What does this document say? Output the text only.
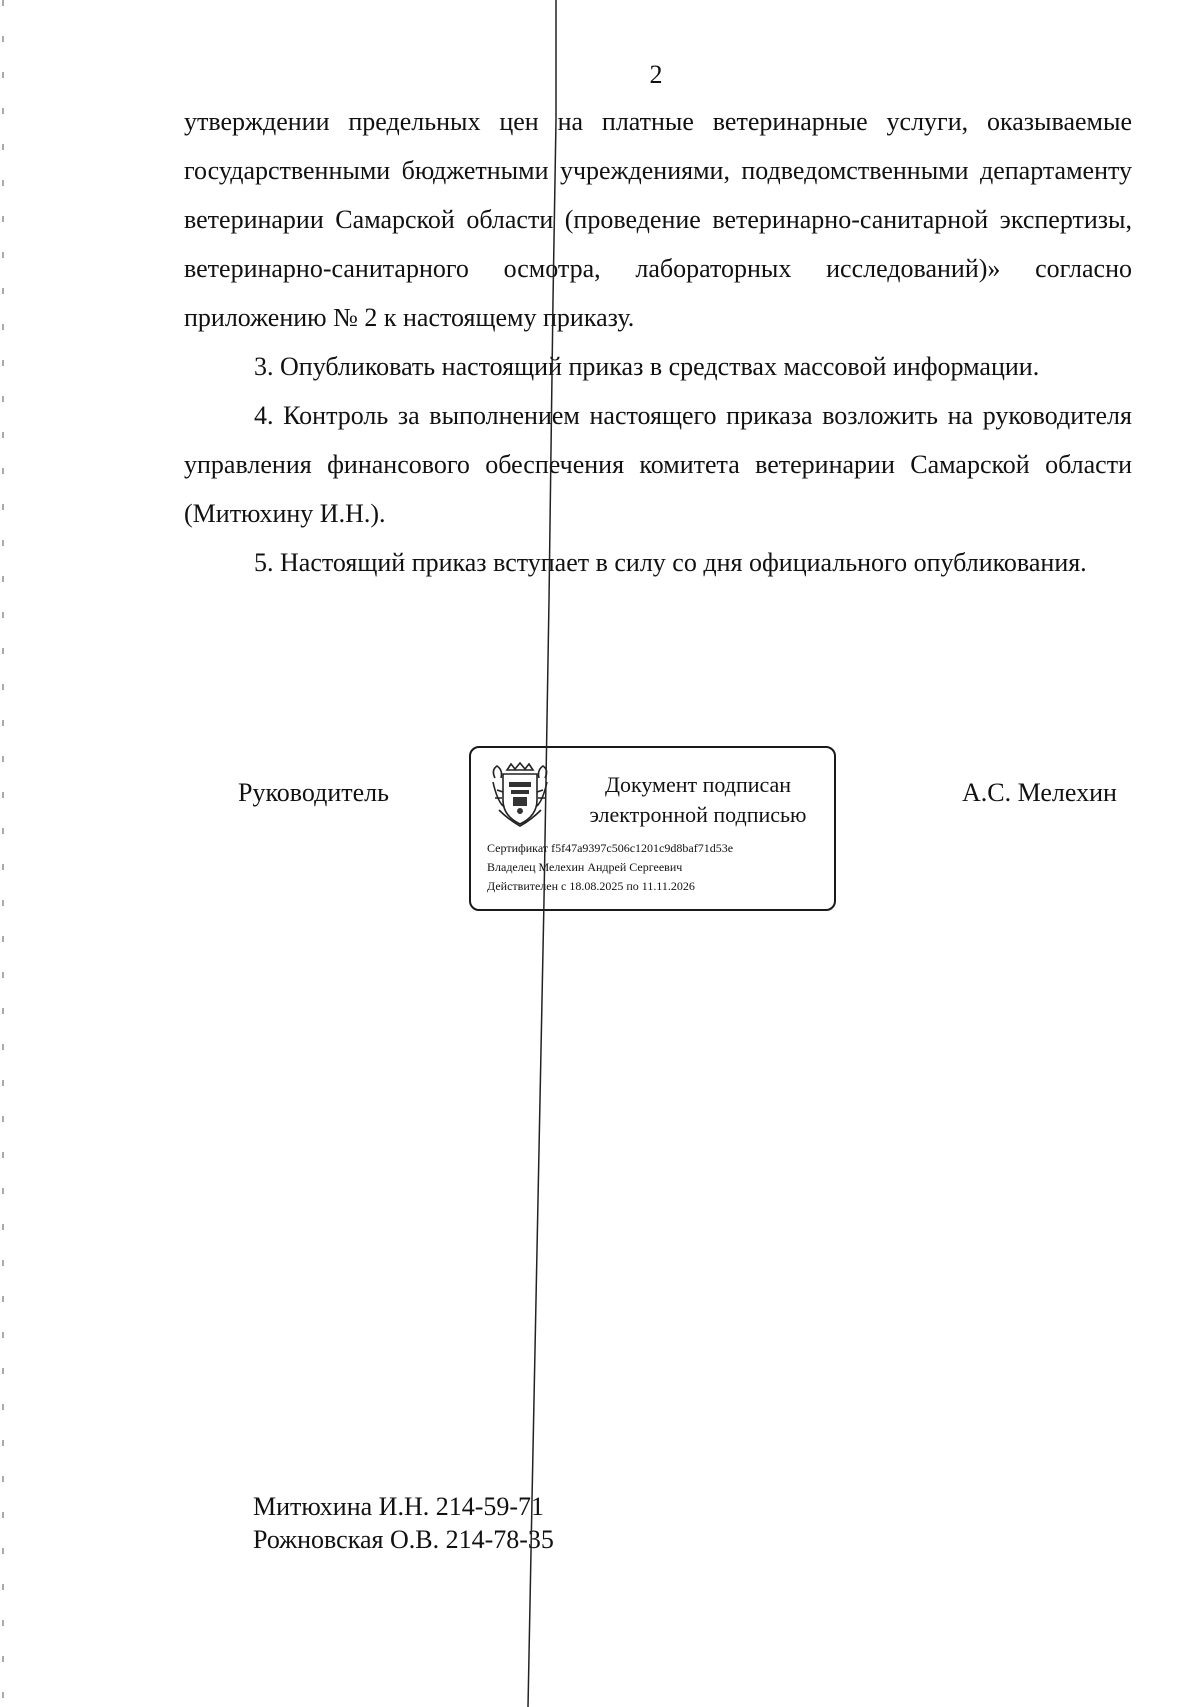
2

утверждении предельных цен на платные ветеринарные услуги, оказываемые государственными бюджетными учреждениями, подведомственными департаменту ветеринарии Самарской области (проведение ветеринарно-санитарной экспертизы, ветеринарно-санитарного осмотра, лабораторных исследований)» согласно приложению № 2 к настоящему приказу.

3. Опубликовать настоящий приказ в средствах массовой информации.

4. Контроль за выполнением настоящего приказа возложить на руководителя управления финансового обеспечения комитета ветеринарии Самарской области (Митюхину И.Н.).

5. Настоящий приказ вступает в силу со дня официального опубликования.

Руководитель	Документ подписан
электронной подписью
Сертификат f5f47a9397c506c1201c9d8baf71d53e
Владелец Мелехин Андрей Сергеевич
Действителен с 18.08.2025 по 11.11.2026
А.С. Мелехин
Митюхина И.Н. 214-59-71
Рожновская О.В. 214-78-35
